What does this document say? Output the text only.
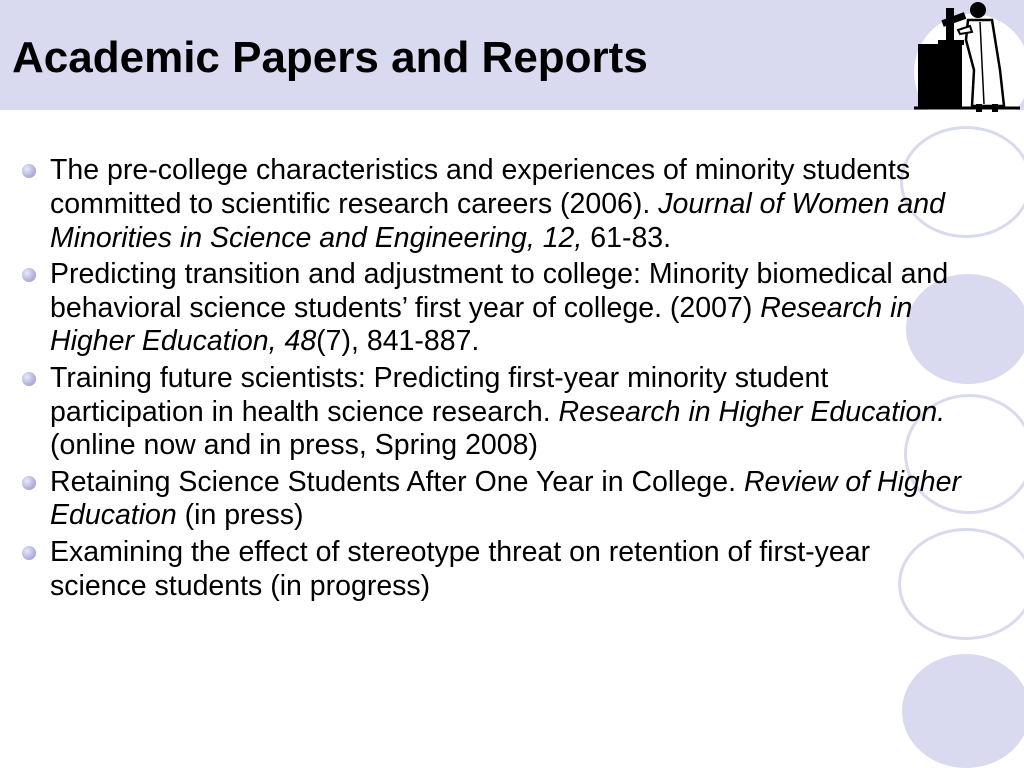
Academic Papers and Reports
The pre-college characteristics and experiences of minority students committed to scientific research careers (2006). Journal of Women and Minorities in Science and Engineering, 12, 61-83.
Predicting transition and adjustment to college: Minority biomedical and behavioral science students’ first year of college. (2007) Research in Higher Education, 48(7), 841-887.
Training future scientists: Predicting first-year minority student participation in health science research. Research in Higher Education. (online now and in press, Spring 2008)
Retaining Science Students After One Year in College. Review of Higher Education (in press)
Examining the effect of stereotype threat on retention of first-year science students (in progress)
